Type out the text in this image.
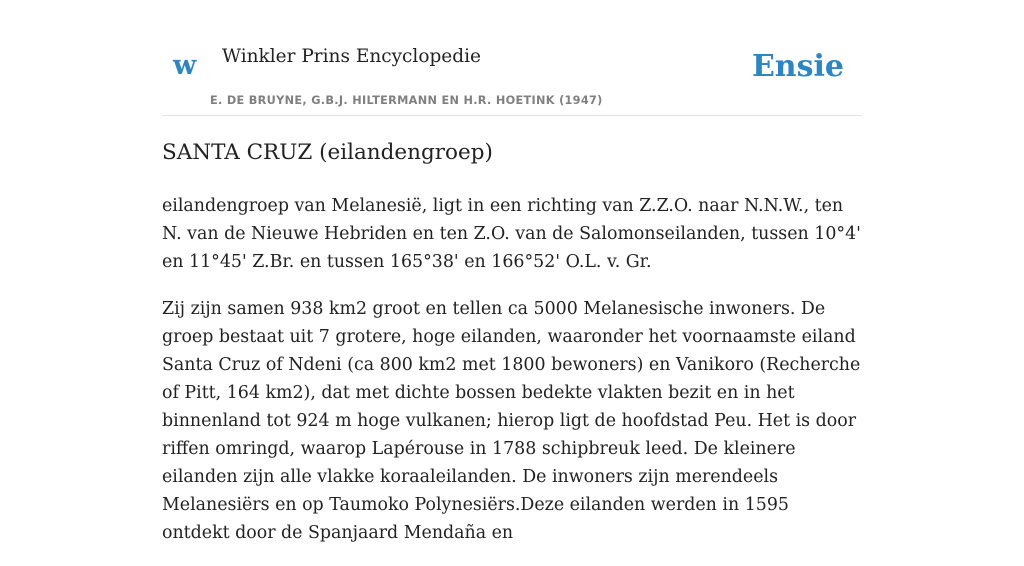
w Winkler Prins Encyclopedie
E. DE BRUYNE, G.B.J. HILTERMANN EN H.R. HOETINK (1947)
Ensie
SANTA CRUZ (eilandengroep)

eilandengroep van Melanesië, ligt in een richting van Z.Z.O. naar N.N.W., ten N. van de Nieuwe Hebriden en ten Z.O. van de Salomonseilanden, tussen 10°4' en 11°45' Z.Br. en tussen 165°38' en 166°52' O.L. v. Gr.

Zij zijn samen 938 km2 groot en tellen ca 5000 Melanesische inwoners. De groep bestaat uit 7 grotere, hoge eilanden, waaronder het voornaamste eiland Santa Cruz of Ndeni (ca 800 km2 met 1800 bewoners) en Vanikoro (Recherche of Pitt, 164 km2), dat met dichte bossen bedekte vlakten bezit en in het binnenland tot 924 m hoge vulkanen; hierop ligt de hoofdstad Peu. Het is door riffen omringd, waarop Lapérouse in 1788 schipbreuk leed. De kleinere eilanden zijn alle vlakke koraaleilanden. De inwoners zijn merendeels Melanesiërs en op Taumoko Polynesiërs.Deze eilanden werden in 1595 ontdekt door de Spanjaard Mendaña en
